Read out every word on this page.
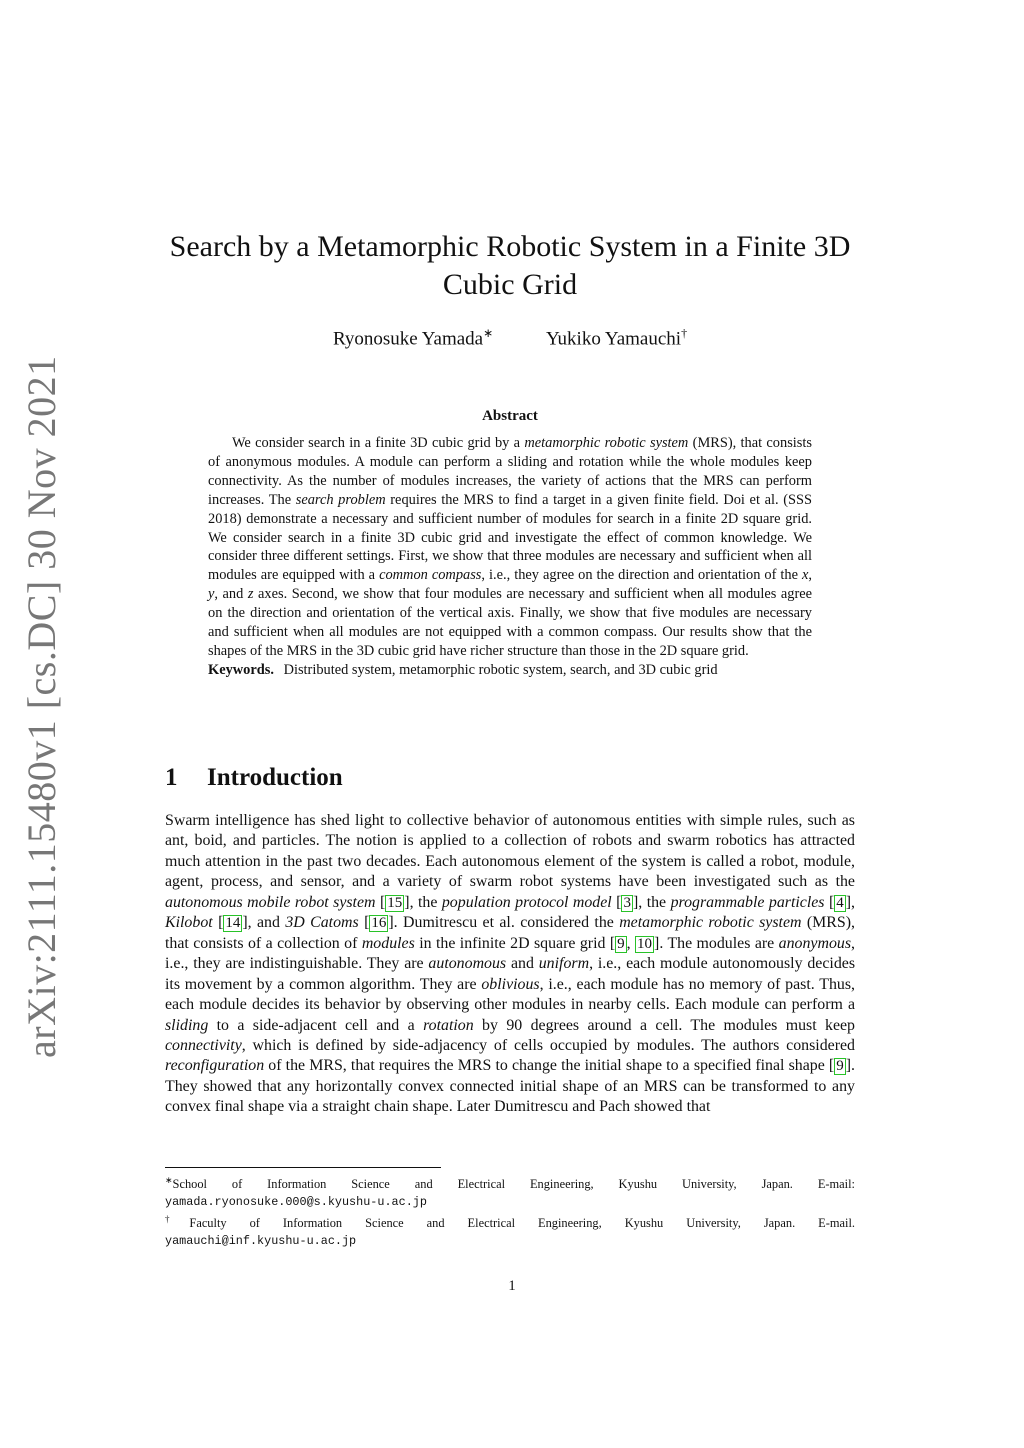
arXiv:2111.15480v1 [cs.DC] 30 Nov 2021
Search by a Metamorphic Robotic System in a Finite 3D Cubic Grid
Ryonosuke Yamada∗	Yukiko Yamauchi†
Abstract

We consider search in a finite 3D cubic grid by a metamorphic robotic system (MRS), that consists of anonymous modules. A module can perform a sliding and rotation while the whole modules keep connectivity. As the number of modules increases, the variety of actions that the MRS can perform increases. The search problem requires the MRS to find a target in a given finite field. Doi et al. (SSS 2018) demonstrate a necessary and sufficient number of modules for search in a finite 2D square grid. We consider search in a finite 3D cubic grid and investigate the effect of common knowledge. We consider three different settings. First, we show that three modules are necessary and sufficient when all modules are equipped with a common compass, i.e., they agree on the direction and orientation of the x, y, and z axes. Second, we show that four modules are necessary and sufficient when all modules agree on the direction and orientation of the vertical axis. Finally, we show that five modules are necessary and sufficient when all modules are not equipped with a common compass. Our results show that the shapes of the MRS in the 3D cubic grid have richer structure than those in the 2D square grid.

Keywords. Distributed system, metamorphic robotic system, search, and 3D cubic grid

1 Introduction

Swarm intelligence has shed light to collective behavior of autonomous entities with simple rules, such as ant, boid, and particles. The notion is applied to a collection of robots and swarm robotics has attracted much attention in the past two decades. Each autonomous element of the system is called a robot, module, agent, process, and sensor, and a variety of swarm robot systems have been investigated such as the autonomous mobile robot system [ 15 ], the population protocol model [ 3 ], the programmable particles [ 4 ], Kilobot [ 14 ], and 3D Catoms [ 16 ]. Dumitrescu et al. considered the metamorphic robotic system (MRS), that consists of a collection of modules in the infinite 2D square grid [ 9 , 10 ]. The modules are anonymous, i.e., they are indistinguishable. They are autonomous and uniform, i.e., each module autonomously decides its movement by a common algorithm. They are oblivious, i.e., each module has no memory of past. Thus, each module decides its behavior by observing other modules in nearby cells. Each module can perform a sliding to a side-adjacent cell and a rotation by 90 degrees around a cell. The modules must keep connectivity, which is defined by side-adjacency of cells occupied by modules. The authors considered reconfiguration of the MRS, that requires the MRS to change the initial shape to a specified final shape [ 9 ]. They showed that any horizontally convex connected initial shape of an MRS can be transformed to any convex final shape via a straight chain shape. Later Dumitrescu and Pach showed that

∗School of Information Science and Electrical Engineering, Kyushu University, Japan. E-mail:

yamada.ryonosuke.000@s.kyushu-u.ac.jp

†Faculty of Information Science and Electrical Engineering, Kyushu University, Japan. E-mail.

yamauchi@inf.kyushu-u.ac.jp

1
